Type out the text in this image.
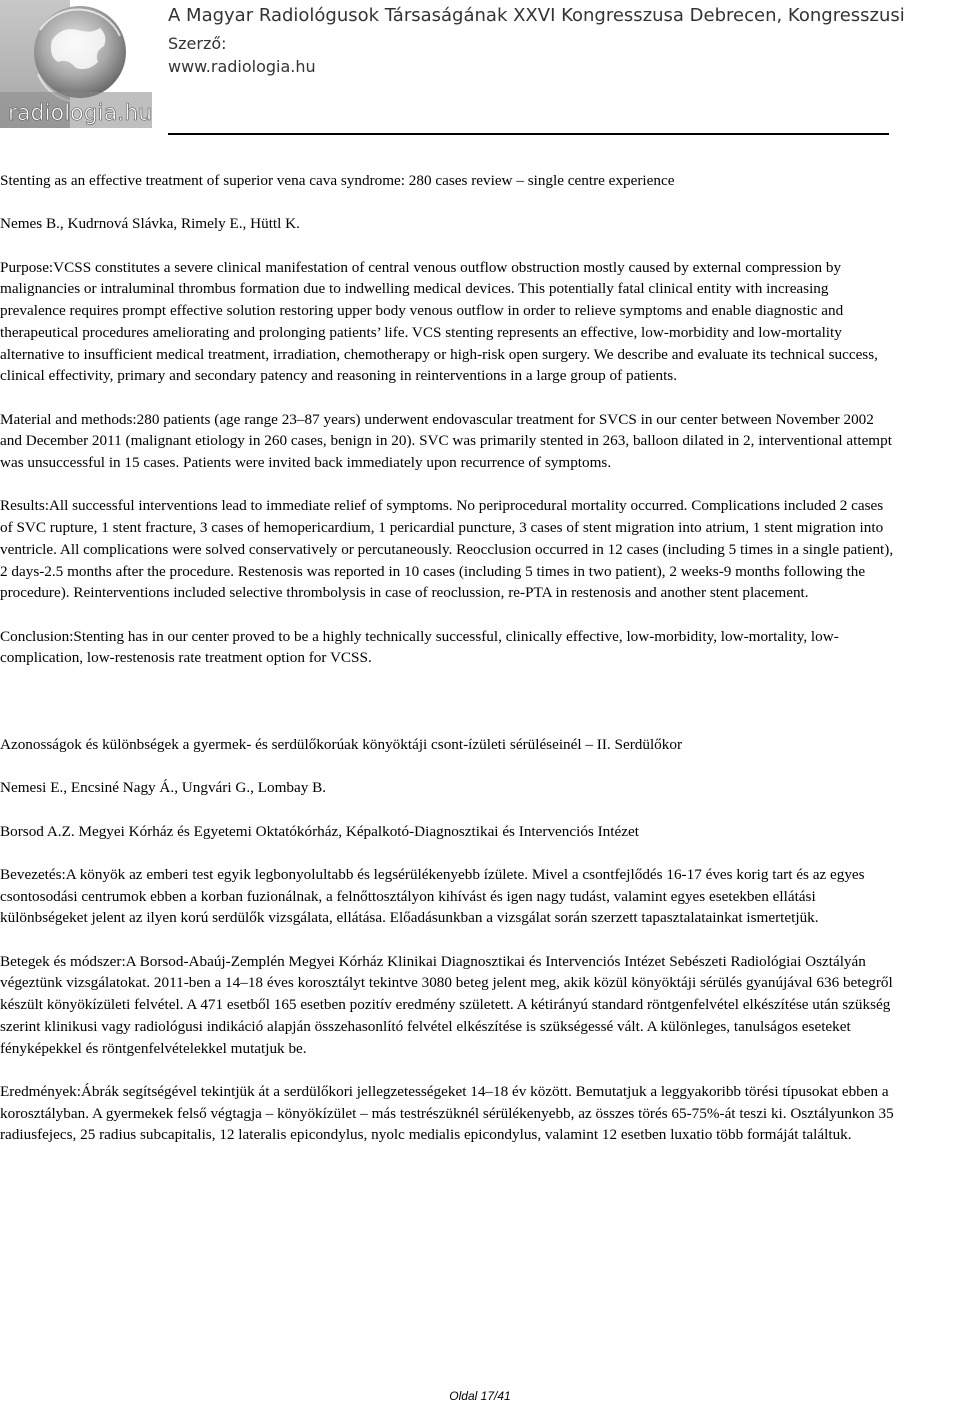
radiologia.hu
A Magyar Radiológusok Társaságának XXVI Kongresszusa Debrecen, Kongresszusi
Szerző:
www.radiologia.hu

Stenting as an effective treatment of superior vena cava syndrome: 280 cases review – single centre experience

Nemes B., Kudrnová Slávka, Rimely E., Hüttl K.

Purpose:VCSS constitutes a severe clinical manifestation of central venous outflow obstruction mostly caused by external compression by malignancies or intraluminal thrombus formation due to indwelling medical devices. This potentially fatal clinical entity with increasing prevalence requires prompt effective solution restoring upper body venous outflow in order to relieve symptoms and enable diagnostic and therapeutical procedures ameliorating and prolonging patients’ life. VCS stenting represents an effective, low-morbidity and low-mortality alternative to insufficient medical treatment, irradiation, chemotherapy or high-risk open surgery. We describe and evaluate its technical success, clinical effectivity, primary and secondary patency and reasoning in reinterventions in a large group of patients.

Material and methods:280 patients (age range 23–87 years) underwent endovascular treatment for SVCS in our center between November 2002 and December 2011 (malignant etiology in 260 cases, benign in 20). SVC was primarily stented in 263, balloon dilated in 2, interventional attempt was unsuccessful in 15 cases. Patients were invited back immediately upon recurrence of symptoms.

Results:All successful interventions lead to immediate relief of symptoms. No periprocedural mortality occurred. Complications included 2 cases of SVC rupture, 1 stent fracture, 3 cases of hemopericardium, 1 pericardial puncture, 3 cases of stent migration into atrium, 1 stent migration into ventricle. All complications were solved conservatively or percutaneously. Reocclusion occurred in 12 cases (including 5 times in a single patient), 2 days-2.5 months after the procedure. Restenosis was reported in 10 cases (including 5 times in two patient), 2 weeks-9 months following the procedure). Reinterventions included selective thrombolysis in case of reoclussion, re-PTA in restenosis and another stent placement.

Conclusion:Stenting has in our center proved to be a highly technically successful, clinically effective, low-morbidity, low-mortality, low-complication, low-restenosis rate treatment option for VCSS.

Azonosságok és különbségek a gyermek- és serdülőkorúak könyöktáji csont-ízületi sérüléseinél – II. Serdülőkor

Nemesi E., Encsiné Nagy Á., Ungvári G., Lombay B.

Borsod A.Z. Megyei Kórház és Egyetemi Oktatókórház, Képalkotó-Diagnosztikai és Intervenciós Intézet

Bevezetés:A könyök az emberi test egyik legbonyolultabb és legsérülékenyebb ízülete. Mivel a csontfejlődés 16-17 éves korig tart és az egyes csontosodási centrumok ebben a korban fuzionálnak, a felnőttosztályon kihívást és igen nagy tudást, valamint egyes esetekben ellátási különbségeket jelent az ilyen korú serdülők vizsgálata, ellátása. Előadásunkban a vizsgálat során szerzett tapasztalatainkat ismertetjük.

Betegek és módszer:A Borsod-Abaúj-Zemplén Megyei Kórház Klinikai Diagnosztikai és Intervenciós Intézet Sebészeti Radiológiai Osztályán végeztünk vizsgálatokat. 2011-ben a 14–18 éves korosztályt tekintve 3080 beteg jelent meg, akik közül könyöktáji sérülés gyanújával 636 betegről készült könyökízületi felvétel. A 471 esetből 165 esetben pozitív eredmény született. A kétirányú standard röntgenfelvétel elkészítése után szükség szerint klinikusi vagy radiológusi indikáció alapján összehasonlító felvétel elkészítése is szükségessé vált. A különleges, tanulságos eseteket fényképekkel és röntgenfelvételekkel mutatjuk be.

Eredmények:Ábrák segítségével tekintjük át a serdülőkori jellegzetességeket 14–18 év között. Bemutatjuk a leggyakoribb törési típusokat ebben a korosztályban. A gyermekek felső végtagja – könyökízület – más testrészüknél sérülékenyebb, az összes törés 65-75%-át teszi ki. Osztályunkon 35 radiusfejecs, 25 radius subcapitalis, 12 lateralis epicondylus, nyolc medialis epicondylus, valamint 12 esetben luxatio több formáját találtuk.

Oldal 17/41
